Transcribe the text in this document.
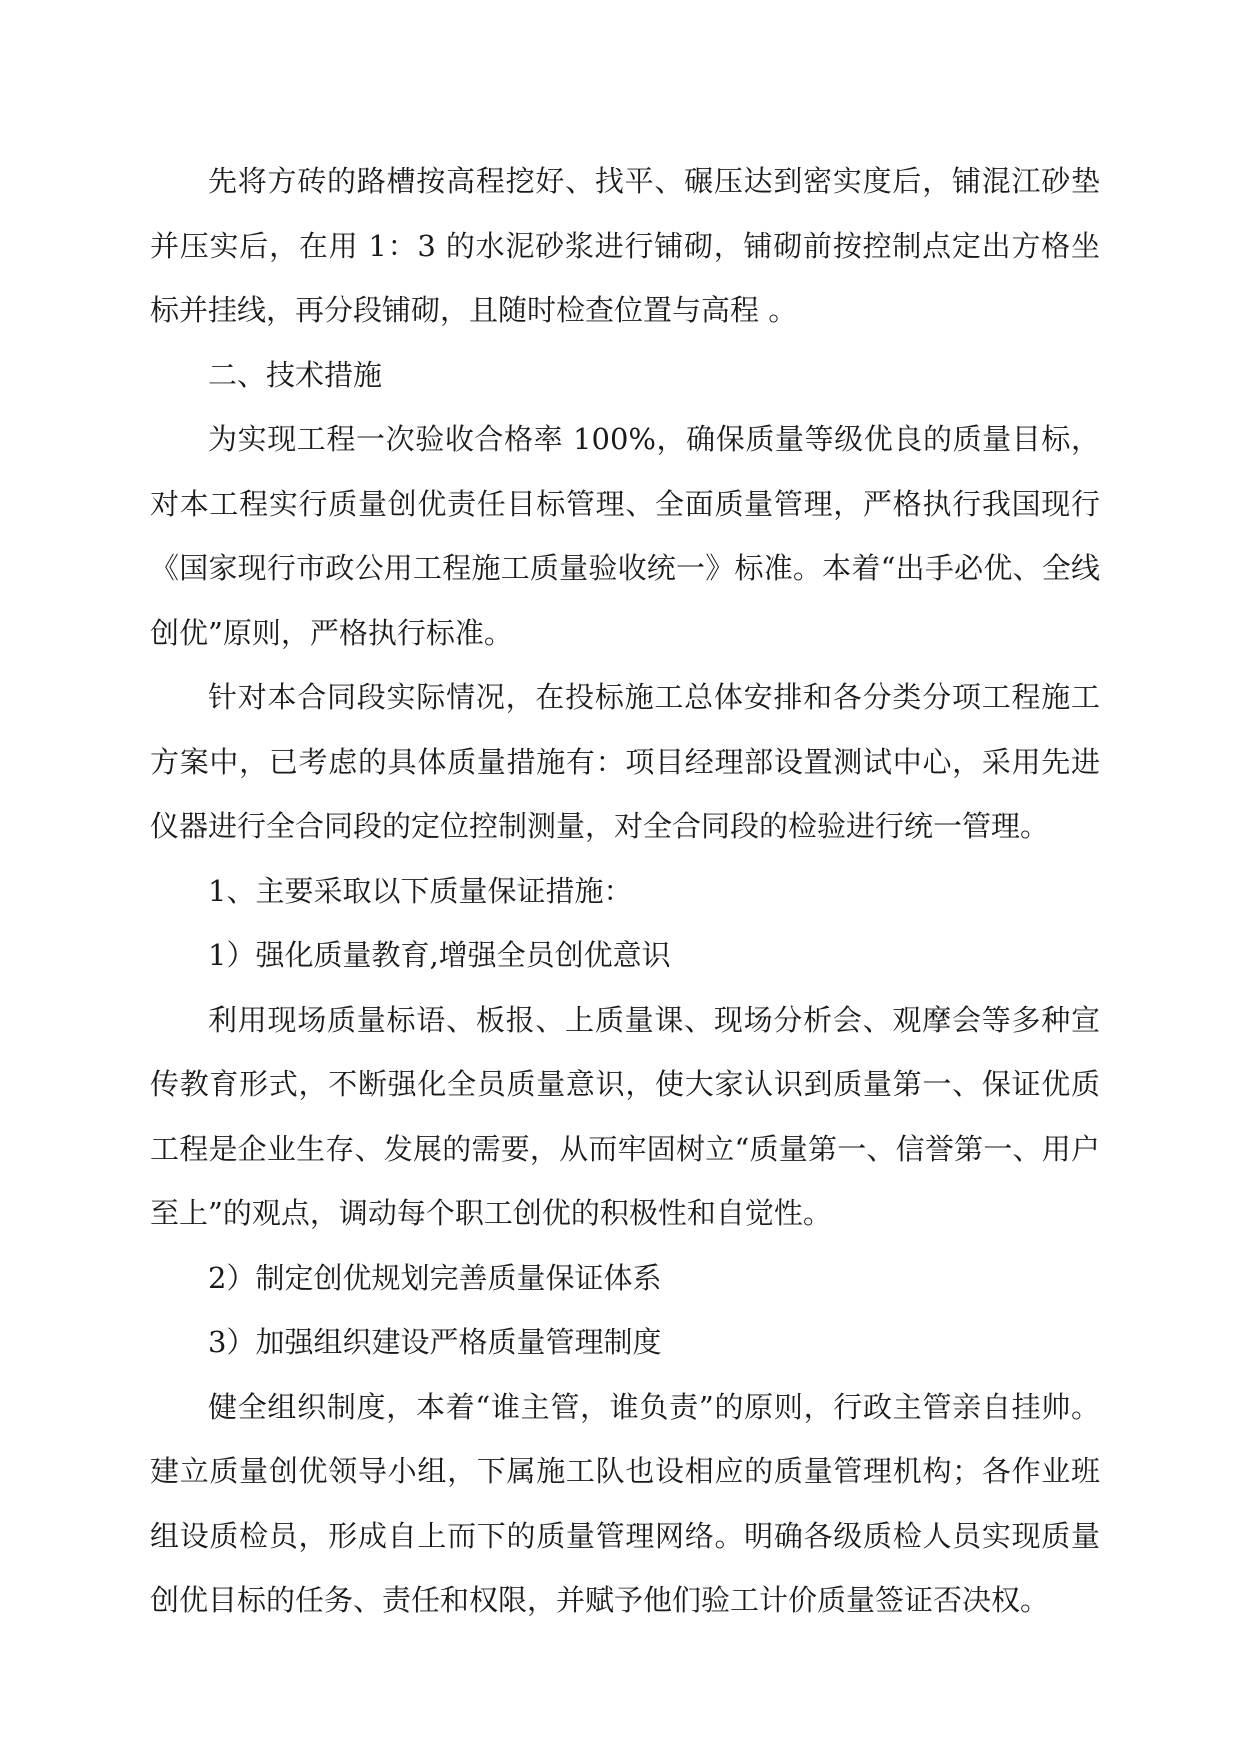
先将方砖的路槽按高程挖好、找平、碾压达到密实度后，铺混江砂垫并压实后，在用 1：3 的水泥砂浆进行铺砌，铺砌前按控制点定出方格坐标并挂线，再分段铺砌，且随时检查位置与高程 。

二、技术措施

为实现工程一次验收合格率 100%，确保质量等级优良的质量目标，对本工程实行质量创优责任目标管理、全面质量管理，严格执行我国现行《国家现行市政公用工程施工质量验收统一》标准。本着“出手必优、全线创优”原则，严格执行标准。

针对本合同段实际情况，在投标施工总体安排和各分类分项工程施工方案中，已考虑的具体质量措施有：项目经理部设置测试中心，采用先进仪器进行全合同段的定位控制测量，对全合同段的检验进行统一管理。

1、主要采取以下质量保证措施：

1）强化质量教育,增强全员创优意识

利用现场质量标语、板报、上质量课、现场分析会、观摩会等多种宣传教育形式，不断强化全员质量意识，使大家认识到质量第一、保证优质工程是企业生存、发展的需要，从而牢固树立“质量第一、信誉第一、用户至上”的观点，调动每个职工创优的积极性和自觉性。

2）制定创优规划完善质量保证体系

3）加强组织建设严格质量管理制度

健全组织制度，本着“谁主管，谁负责”的原则，行政主管亲自挂帅。建立质量创优领导小组，下属施工队也设相应的质量管理机构；各作业班组设质检员，形成自上而下的质量管理网络。明确各级质检人员实现质量创优目标的任务、责任和权限，并赋予他们验工计价质量签证否决权。
